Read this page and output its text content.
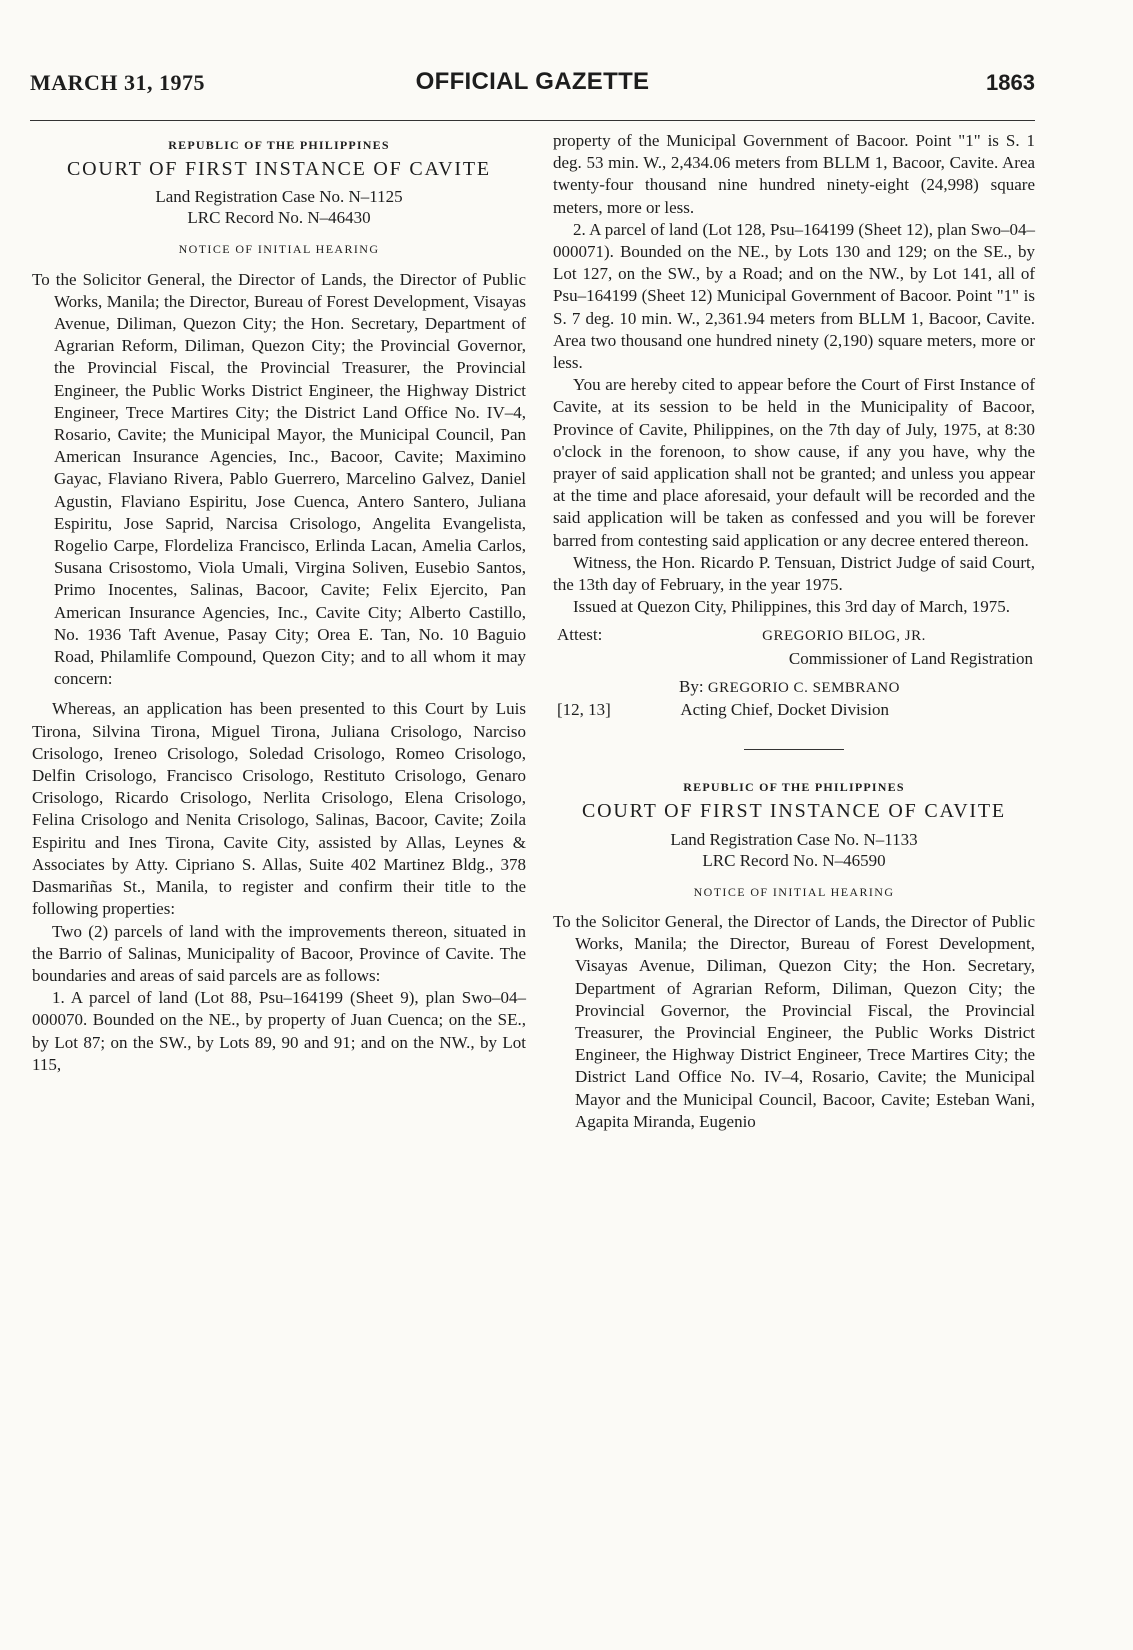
MARCH 31, 1975	OFFICIAL GAZETTE	1863
REPUBLIC OF THE PHILIPPINES
COURT OF FIRST INSTANCE OF CAVITE
Land Registration Case No. N–1125
LRC Record No. N–46430
NOTICE OF INITIAL HEARING

To the Solicitor General, the Director of Lands, the Director of Public Works, Manila; the Director, Bureau of Forest Development, Visayas Avenue, Diliman, Quezon City; the Hon. Secretary, Department of Agrarian Reform, Diliman, Quezon City; the Provincial Governor, the Provincial Fiscal, the Provincial Treasurer, the Provincial Engineer, the Public Works District Engineer, the Highway District Engineer, Trece Martires City; the District Land Office No. IV–4, Rosario, Cavite; the Municipal Mayor, the Municipal Council, Pan American Insurance Agencies, Inc., Bacoor, Cavite; Maximino Gayac, Flaviano Rivera, Pablo Guerrero, Marcelino Galvez, Daniel Agustin, Flaviano Espiritu, Jose Cuenca, Antero Santero, Juliana Espiritu, Jose Saprid, Narcisa Crisologo, Angelita Evangelista, Rogelio Carpe, Flordeliza Francisco, Erlinda Lacan, Amelia Carlos, Susana Crisostomo, Viola Umali, Virgina Soliven, Eusebio Santos, Primo Inocentes, Salinas, Bacoor, Cavite; Felix Ejercito, Pan American Insurance Agencies, Inc., Cavite City; Alberto Castillo, No. 1936 Taft Avenue, Pasay City; Orea E. Tan, No. 10 Baguio Road, Philamlife Compound, Quezon City; and to all whom it may concern:

Whereas, an application has been presented to this Court by Luis Tirona, Silvina Tirona, Miguel Tirona, Juliana Crisologo, Narciso Crisologo, Ireneo Crisologo, Soledad Crisologo, Romeo Crisologo, Delfin Crisologo, Francisco Crisologo, Restituto Crisologo, Genaro Crisologo, Ricardo Crisologo, Nerlita Crisologo, Elena Crisologo, Felina Crisologo and Nenita Crisologo, Salinas, Bacoor, Cavite; Zoila Espiritu and Ines Tirona, Cavite City, assisted by Allas, Leynes & Associates by Atty. Cipriano S. Allas, Suite 402 Martinez Bldg., 378 Dasmariñas St., Manila, to register and confirm their title to the following properties:

Two (2) parcels of land with the improvements thereon, situated in the Barrio of Salinas, Municipality of Bacoor, Province of Cavite. The boundaries and areas of said parcels are as follows:

1. A parcel of land (Lot 88, Psu–164199 (Sheet 9), plan Swo–04–000070. Bounded on the NE., by property of Juan Cuenca; on the SE., by Lot 87; on the SW., by Lots 89, 90 and 91; and on the NW., by Lot 115,

property of the Municipal Government of Bacoor. Point "1" is S. 1 deg. 53 min. W., 2,434.06 meters from BLLM 1, Bacoor, Cavite. Area twenty-four thousand nine hundred ninety-eight (24,998) square meters, more or less.

2. A parcel of land (Lot 128, Psu–164199 (Sheet 12), plan Swo–04–000071). Bounded on the NE., by Lots 130 and 129; on the SE., by Lot 127, on the SW., by a Road; and on the NW., by Lot 141, all of Psu–164199 (Sheet 12) Municipal Government of Bacoor. Point "1" is S. 7 deg. 10 min. W., 2,361.94 meters from BLLM 1, Bacoor, Cavite. Area two thousand one hundred ninety (2,190) square meters, more or less.

You are hereby cited to appear before the Court of First Instance of Cavite, at its session to be held in the Municipality of Bacoor, Province of Cavite, Philippines, on the 7th day of July, 1975, at 8:30 o'clock in the forenoon, to show cause, if any you have, why the prayer of said application shall not be granted; and unless you appear at the time and place aforesaid, your default will be recorded and the said application will be taken as confessed and you will be forever barred from contesting said application or any decree entered thereon.

Witness, the Hon. Ricardo P. Tensuan, District Judge of said Court, the 13th day of February, in the year 1975.

Issued at Quezon City, Philippines, this 3rd day of March, 1975.

Attest:	GREGORIO BILOG, JR.
Commissioner of Land Registration
By: GREGORIO C. SEMBRANO
[12, 13]	Acting Chief, Docket Division
REPUBLIC OF THE PHILIPPINES
COURT OF FIRST INSTANCE OF CAVITE
Land Registration Case No. N–1133
LRC Record No. N–46590
NOTICE OF INITIAL HEARING

To the Solicitor General, the Director of Lands, the Director of Public Works, Manila; the Director, Bureau of Forest Development, Visayas Avenue, Diliman, Quezon City; the Hon. Secretary, Department of Agrarian Reform, Diliman, Quezon City; the Provincial Governor, the Provincial Fiscal, the Provincial Treasurer, the Provincial Engineer, the Public Works District Engineer, the Highway District Engineer, Trece Martires City; the District Land Office No. IV–4, Rosario, Cavite; the Municipal Mayor and the Municipal Council, Bacoor, Cavite; Esteban Wani, Agapita Miranda, Eugenio
